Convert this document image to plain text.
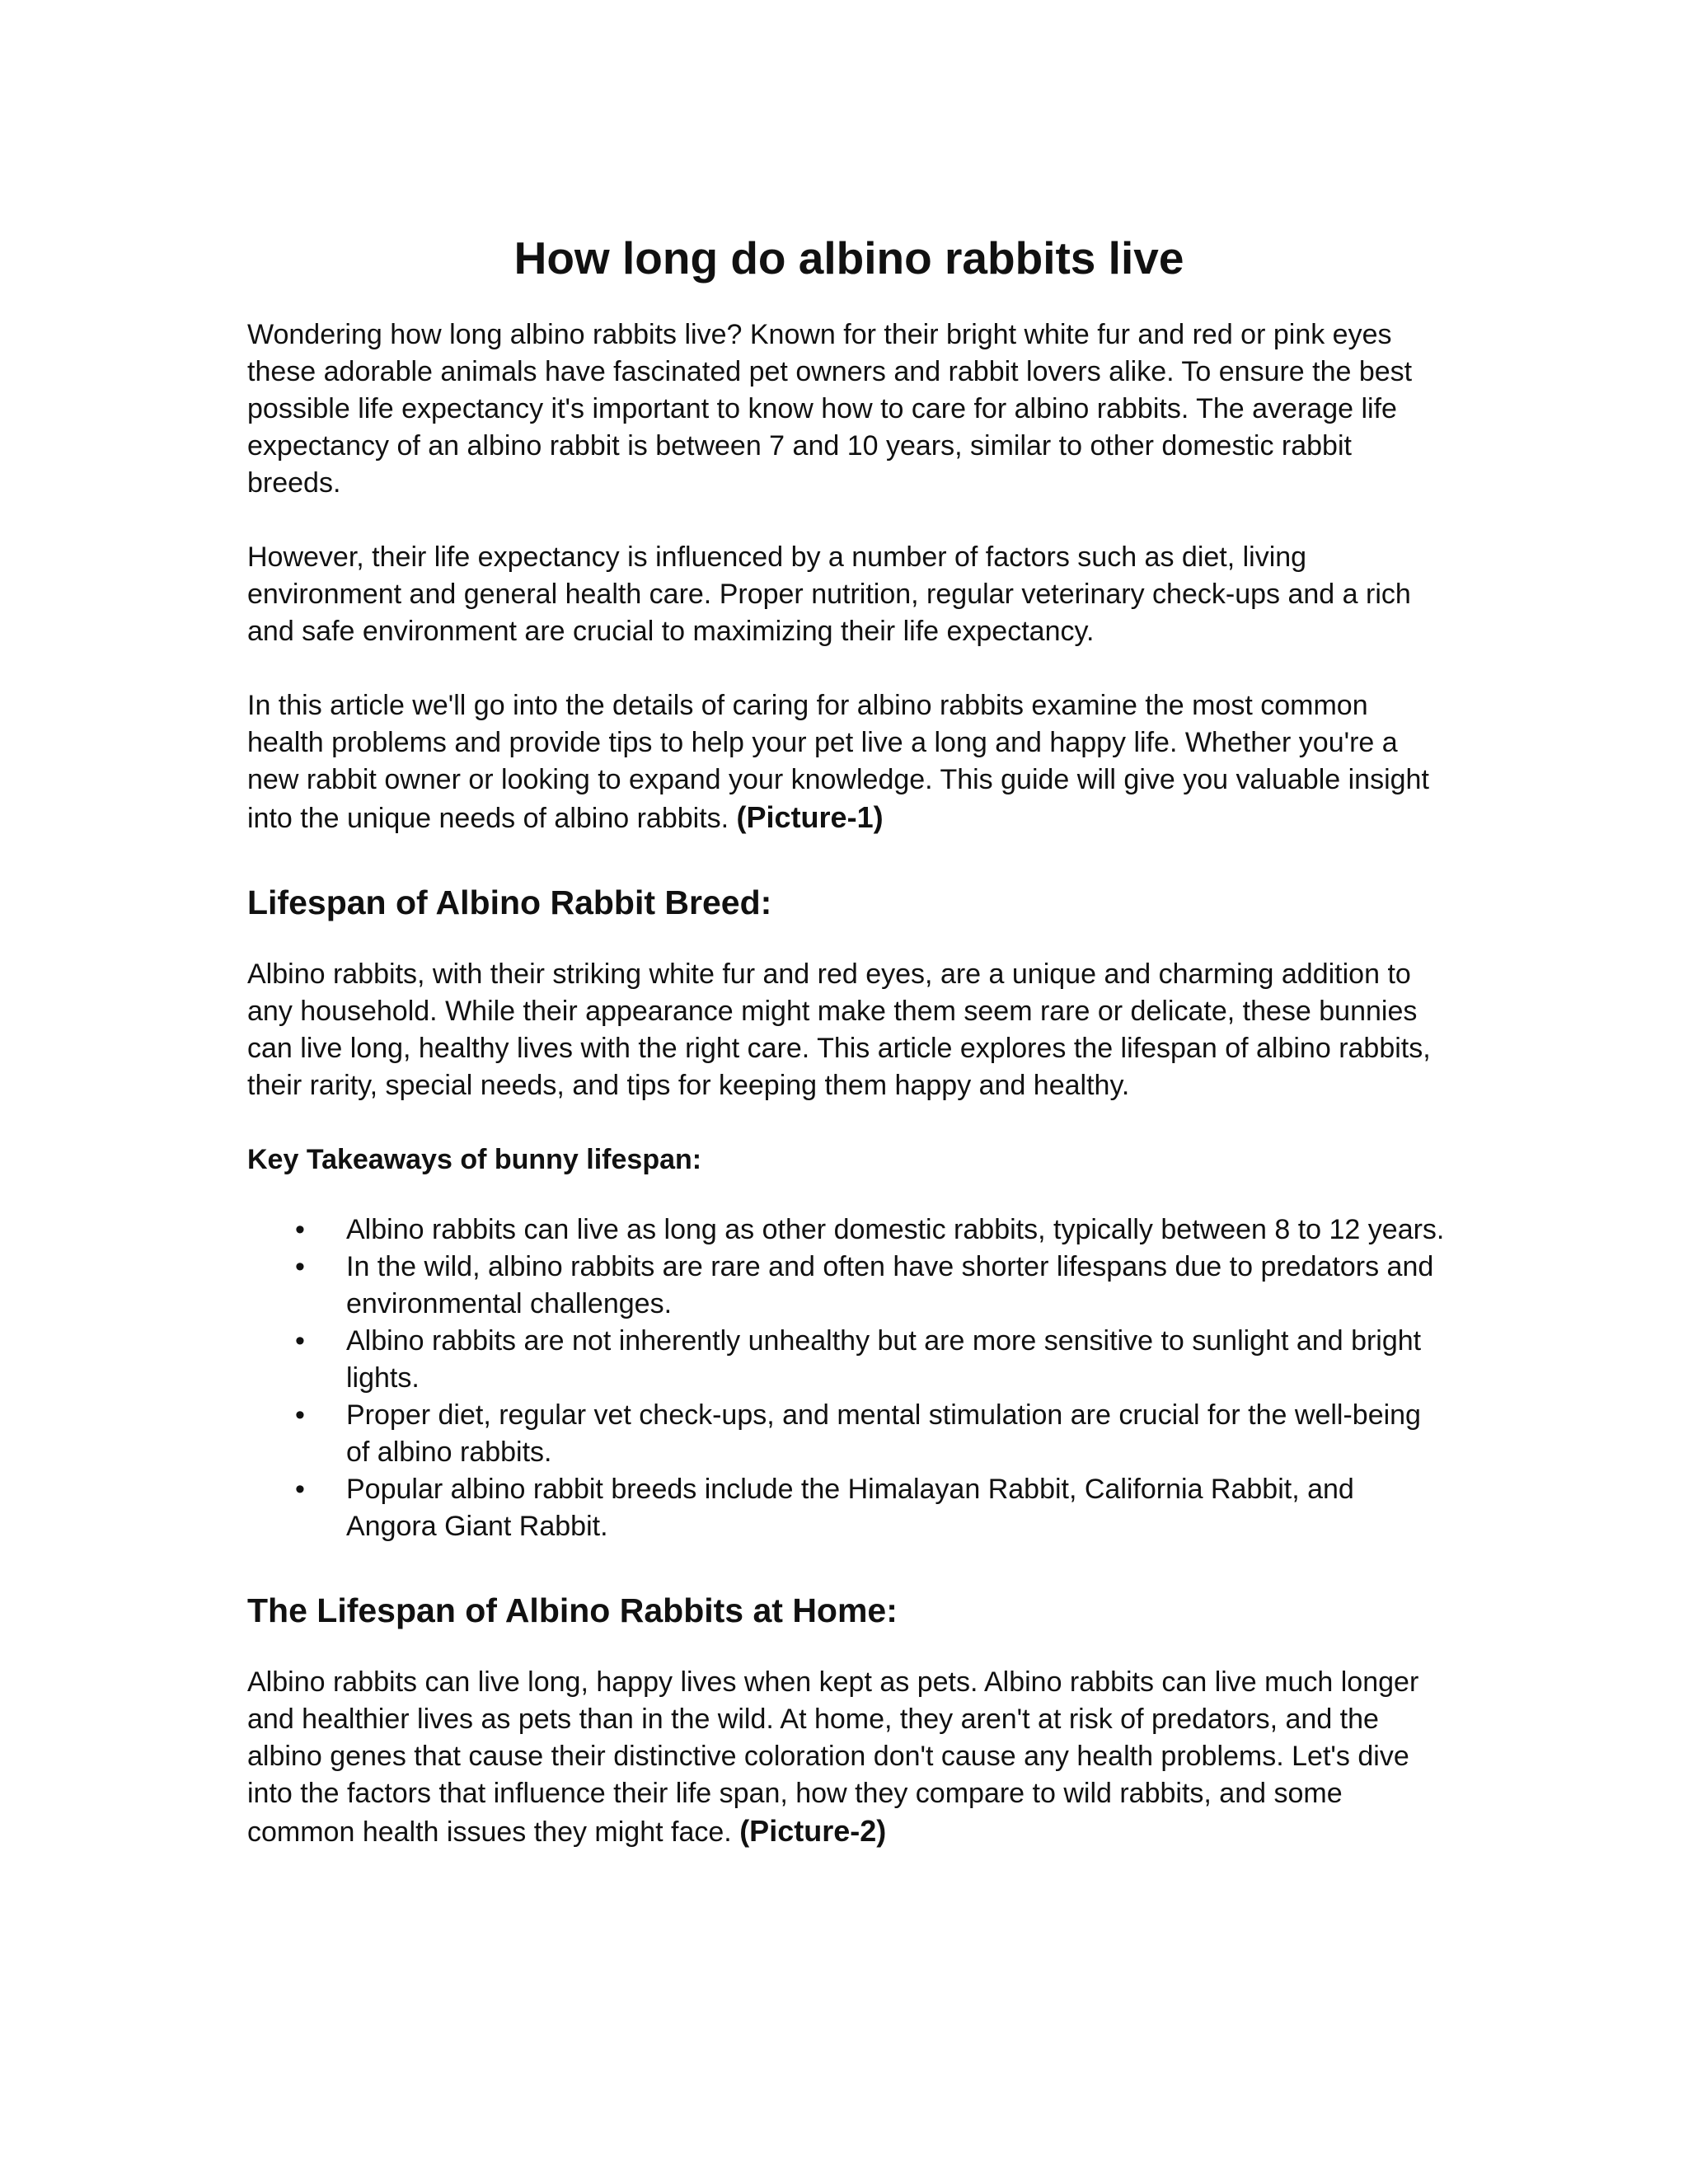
How long do albino rabbits live

Wondering how long albino rabbits live? Known for their bright white fur and red or pink eyes these adorable animals have fascinated pet owners and rabbit lovers alike. To ensure the best possible life expectancy it's important to know how to care for albino rabbits. The average life expectancy of an albino rabbit is between 7 and 10 years, similar to other domestic rabbit breeds.

However, their life expectancy is influenced by a number of factors such as diet, living environment and general health care. Proper nutrition, regular veterinary check-ups and a rich and safe environment are crucial to maximizing their life expectancy.

In this article we'll go into the details of caring for albino rabbits examine the most common health problems and provide tips to help your pet live a long and happy life. Whether you're a new rabbit owner or looking to expand your knowledge. This guide will give you valuable insight into the unique needs of albino rabbits. (Picture-1)

Lifespan of Albino Rabbit Breed:

Albino rabbits, with their striking white fur and red eyes, are a unique and charming addition to any household. While their appearance might make them seem rare or delicate, these bunnies can live long, healthy lives with the right care. This article explores the lifespan of albino rabbits, their rarity, special needs, and tips for keeping them happy and healthy.

Key Takeaways of bunny lifespan:
• Albino rabbits can live as long as other domestic rabbits, typically between 8 to 12 years.
• In the wild, albino rabbits are rare and often have shorter lifespans due to predators and environmental challenges.
• Albino rabbits are not inherently unhealthy but are more sensitive to sunlight and bright lights.
• Proper diet, regular vet check-ups, and mental stimulation are crucial for the well-being of albino rabbits.
• Popular albino rabbit breeds include the Himalayan Rabbit, California Rabbit, and Angora Giant Rabbit.
The Lifespan of Albino Rabbits at Home:

Albino rabbits can live long, happy lives when kept as pets. Albino rabbits can live much longer and healthier lives as pets than in the wild. At home, they aren't at risk of predators, and the albino genes that cause their distinctive coloration don't cause any health problems. Let's dive into the factors that influence their life span, how they compare to wild rabbits, and some common health issues they might face. (Picture-2)
